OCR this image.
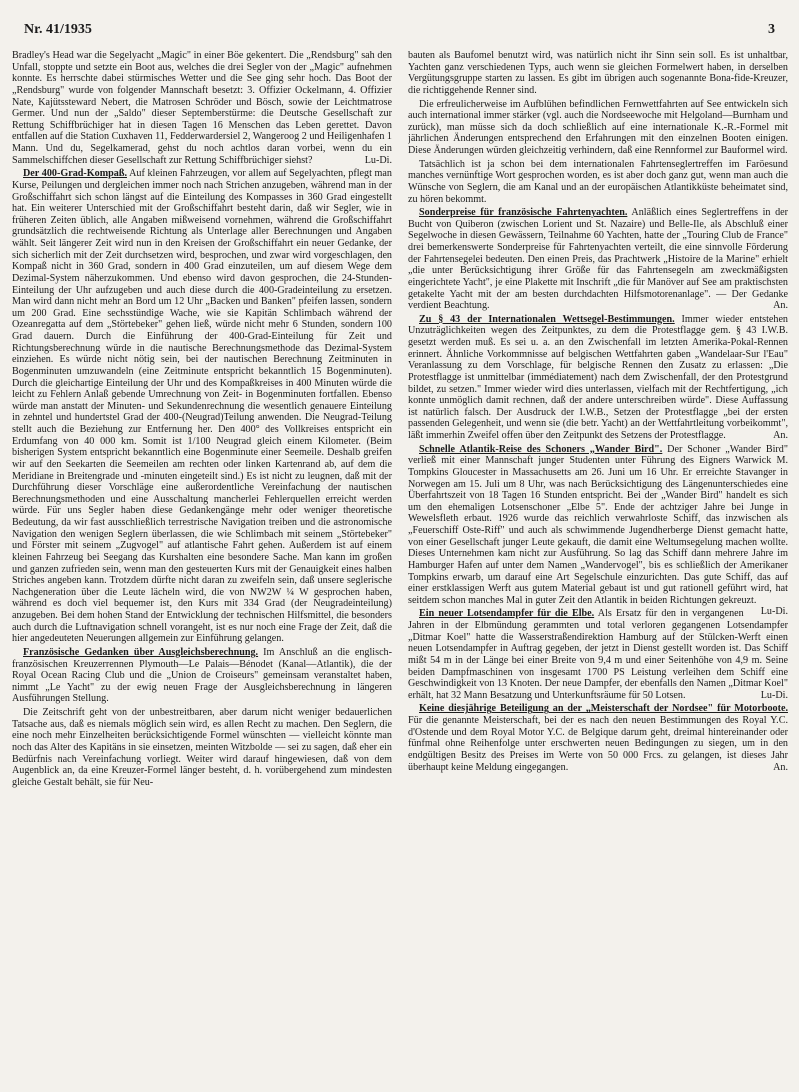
Nr. 41/1935	3

Bradley's Head war die Segelyacht „Magic" in einer Böe gekentert. Die „Rendsburg" sah den Unfall, stoppte und setzte ein Boot aus, welches die drei Segler von der „Magic" aufnehmen konnte. Es herrschte dabei stürmisches Wetter und die See ging sehr hoch. Das Boot der „Rendsburg" wurde von folgender Mannschaft besetzt: 3. Offizier Ockelmann, 4. Offizier Nate, Kajütssteward Nebert, die Matrosen Schröder und Bösch, sowie der Leichtmatrose Germer. Und nun der „Saldo" dieser Septemberstürme: die Deutsche Gesellschaft zur Rettung Schiffbrüchiger hat in diesen Tagen 16 Menschen das Leben gerettet. Davon entfallen auf die Station Cuxhaven 11, Fedderwardersiel 2, Wangeroog 2 und Heiligenhafen 1 Mann. Und du, Segelkamerad, gehst du noch achtlos daran vorbei, wenn du ein Sammelschiffchen dieser Gesellschaft zur Rettung Schiffbrüchiger siehst?	Lu-Di.

Der 400-Grad-Kompaß. Auf kleinen Fahrzeugen, vor allem auf Segelyachten, pflegt man Kurse, Peilungen und dergleichen immer noch nach Strichen anzugeben, während man in der Großschiffahrt sich schon längst auf die Einteilung des Kompasses in 360 Grad eingestellt hat. Ein weiterer Unterschied mit der Großschiffahrt besteht darin, daß wir Segler, wie in früheren Zeiten üblich, alle Angaben mißweisend vornehmen, während die Großschiffahrt grundsätzlich die rechtweisende Richtung als Unterlage aller Berechnungen und Angaben wählt. Seit längerer Zeit wird nun in den Kreisen der Großschiffahrt ein neuer Gedanke, der sich sicherlich mit der Zeit durchsetzen wird, besprochen, und zwar wird vorgeschlagen, den Kompaß nicht in 360 Grad, sondern in 400 Grad einzuteilen, um auf diesem Wege dem Dezimal-System näherzukommen. Und ebenso wird davon gesprochen, die 24-Stunden-Einteilung der Uhr aufzugeben und auch diese durch die 400-Gradeinteilung zu ersetzen. Man wird dann nicht mehr an Bord um 12 Uhr „Backen und Banken" pfeifen lassen, sondern um 200 Grad. Eine sechsstündige Wache, wie sie Kapitän Schlimbach während der Ozeanregatta auf dem „Störtebeker" gehen ließ, würde nicht mehr 6 Stunden, sondern 100 Grad dauern. Durch die Einführung der 400-Grad-Einteilung für Zeit und Richtungsberechnung würde in die nautische Berechnungsmethode das Dezimal-System einziehen. Es würde nicht nötig sein, bei der nautischen Berechnung Zeitminuten in Bogenminuten umzuwandeln (eine Zeitminute entspricht bekanntlich 15 Bogenminuten). Durch die gleichartige Einteilung der Uhr und des Kompaßkreises in 400 Minuten würde die leicht zu Fehlern Anlaß gebende Umrechnung von Zeit- in Bogenminuten fortfallen. Ebenso würde man anstatt der Minuten- und Sekundenrechnung die wesentlich genauere Einteilung in zehntel und hundertstel Grad der 400-(Neugrad)Teilung anwenden. Die Neugrad-Teilung stellt auch die Beziehung zur Entfernung her. Den 400° des Vollkreises entspricht ein Erdumfang von 40 000 km. Somit ist 1/100 Neugrad gleich einem Kilometer. (Beim bisherigen System entspricht bekanntlich eine Bogenminute einer Seemeile. Deshalb greifen wir auf den Seekarten die Seemeilen am rechten oder linken Kartenrand ab, auf dem die Meridiane in Breitengrade und -minuten eingeteilt sind.) Es ist nicht zu leugnen, daß mit der Durchführung dieser Vorschläge eine außerordentliche Vereinfachung der nautischen Berechnungsmethoden und eine Ausschaltung mancherlei Fehlerquellen erreicht werden würde. Für uns Segler haben diese Gedankengänge mehr oder weniger theoretische Bedeutung, da wir fast ausschließlich terrestrische Navigation treiben und die astronomische Navigation den wenigen Seglern überlassen, die wie Schlimbach mit seinem „Störtebeker" und Förster mit seinem „Zugvogel" auf atlantische Fahrt gehen. Außerdem ist auf einem kleinen Fahrzeug bei Seegang das Kurshalten eine besondere Sache. Man kann im großen und ganzen zufrieden sein, wenn man den gesteuerten Kurs mit der Genauigkeit eines halben Striches angeben kann. Trotzdem dürfte nicht daran zu zweifeln sein, daß unsere seglerische Nachgeneration über die Leute lächeln wird, die von NW2W ¼ W gesprochen haben, während es doch viel bequemer ist, den Kurs mit 334 Grad (der Neugradeinteilung) anzugeben. Bei dem hohen Stand der Entwicklung der technischen Hilfsmittel, die besonders auch durch die Luftnavigation schnell vorangeht, ist es nur noch eine Frage der Zeit, daß die hier angedeuteten Neuerungen allgemein zur Einführung gelangen.

Französische Gedanken über Ausgleichsberechnung. Im Anschluß an die englisch-französischen Kreuzerrennen Plymouth—Le Palais—Bénodet (Kanal—Atlantik), die der Royal Ocean Racing Club und die „Union de Croiseurs" gemeinsam veranstaltet haben, nimmt „Le Yacht" zu der ewig neuen Frage der Ausgleichsberechnung in längeren Ausführungen Stellung.

Die Zeitschrift geht von der unbestreitbaren, aber darum nicht weniger bedauerlichen Tatsache aus, daß es niemals möglich sein wird, es allen Recht zu machen. Den Seglern, die eine noch mehr Einzelheiten berücksichtigende Formel wünschten — vielleicht könnte man noch das Alter des Kapitäns in sie einsetzen, meinten Witzbolde — sei zu sagen, daß eher ein Bedürfnis nach Vereinfachung vorliegt. Weiter wird darauf hingewiesen, daß von dem Augenblick an, da eine Kreuzer-Formel länger besteht, d. h. vorübergehend zum mindesten gleiche Gestalt behält, sie für Neu-

bauten als Baufomel benutzt wird, was natürlich nicht ihr Sinn sein soll. Es ist unhaltbar, Yachten ganz verschiedenen Typs, auch wenn sie gleichen Formelwert haben, in derselben Vergütungsgruppe starten zu lassen. Es gibt im übrigen auch sogenannte Bona-fide-Kreuzer, die richtiggehende Renner sind.

Die erfreulicherweise im Aufblühen befindlichen Fernwettfahrten auf See entwickeln sich auch international immer stärker (vgl. auch die Nordseewoche mit Helgoland—Burnham und zurück), man müsse sich da doch schließlich auf eine internationale K.-R.-Formel mit jährlichen Änderungen entsprechend den Erfahrungen mit den einzelnen Booten einigen. Diese Änderungen würden gleichzeitig verhindern, daß eine Rennformel zur Bauformel wird.

Tatsächlich ist ja schon bei dem internationalen Fahrtenseglertreffen im Faröesund manches vernünftige Wort gesprochen worden, es ist aber doch ganz gut, wenn man auch die Wünsche von Seglern, die am Kanal und an der europäischen Atlantikküste beheimatet sind, zu hören bekommt.

Sonderpreise für französische Fahrtenyachten. Anläßlich eines Seglertreffens in der Bucht von Quiberon (zwischen Lorient und St. Nazaire) und Belle-Ile, als Abschluß einer Segelwoche in diesen Gewässern, Teilnahme 60 Yachten, hatte der „Touring Club de France" drei bemerkenswerte Sonderpreise für Fahrtenyachten verteilt, die eine sinnvolle Förderung der Fahrtensegelei bedeuten. Den einen Preis, das Prachtwerk „Histoire de la Marine" erhielt „die unter Berücksichtigung ihrer Größe für das Fahrtensegeln am zweckmäßigsten eingerichtete Yacht", je eine Plakette mit Inschrift „die für Manöver auf See am praktischsten getakelte Yacht mit der am besten durchdachten Hilfsmotorenanlage". — Der Gedanke verdient Beachtung.	An.

Zu § 43 der Internationalen Wettsegel-Bestimmungen. Immer wieder entstehen Unzuträglichkeiten wegen des Zeitpunktes, zu dem die Protestflagge gem. § 43 I.W.B. gesetzt werden muß. Es sei u. a. an den Zwischenfall im letzten Amerika-Pokal-Rennen erinnert. Ähnliche Vorkommnisse auf belgischen Wettfahrten gaben „Wandelaar-Sur l'Eau" Veranlassung zu dem Vorschlage, für belgische Rennen den Zusatz zu erlassen: „Die Protestflagge ist unmittelbar (immédiatement) nach dem Zwischenfall, der den Protestgrund bildet, zu setzen." Immer wieder wird dies unterlassen, vielfach mit der Rechtfertigung, „ich konnte unmöglich damit rechnen, daß der andere unterschreiben würde". Diese Auffassung ist natürlich falsch. Der Ausdruck der I.W.B., Setzen der Protestflagge „bei der ersten passenden Gelegenheit, und wenn sie (die betr. Yacht) an der Wettfahrtleitung vorbeikommt", läßt immerhin Zweifel offen über den Zeitpunkt des Setzens der Protestflagge.	An.

Schnelle Atlantik-Reise des Schoners „Wander Bird". Der Schoner „Wander Bird" verließ mit einer Mannschaft junger Studenten unter Führung des Eigners Warwick M. Tompkins Gloucester in Massachusetts am 26. Juni um 16 Uhr. Er erreichte Stavanger in Norwegen am 15. Juli um 8 Uhr, was nach Berücksichtigung des Längenunterschiedes eine Überfahrtszeit von 18 Tagen 16 Stunden entspricht. Bei der „Wander Bird" handelt es sich um den ehemaligen Lotsenschoner „Elbe 5". Ende der achtziger Jahre bei Junge in Wewelsfleth erbaut. 1926 wurde das reichlich verwahrloste Schiff, das inzwischen als „Feuerschiff Oste-Riff" und auch als schwimmende Jugendherberge Dienst gemacht hatte, von einer Gesellschaft junger Leute gekauft, die damit eine Weltumsegelung machen wollte. Dieses Unternehmen kam nicht zur Ausführung. So lag das Schiff dann mehrere Jahre im Hamburger Hafen auf unter dem Namen „Wandervogel", bis es schließlich der Amerikaner Tompkins erwarb, um darauf eine Art Segelschule einzurichten. Das gute Schiff, das auf einer erstklassigen Werft aus gutem Material gebaut ist und gut rationell geführt wird, hat seitdem schon manches Mal in guter Zeit den Atlantik in beiden Richtungen gekreuzt.
Lu-Di.

Ein neuer Lotsendampfer für die Elbe. Als Ersatz für den in vergangenen Jahren in der Elbmündung gerammten und total verloren gegangenen Lotsendampfer „Ditmar Koel" hatte die Wasserstraßendirektion Hamburg auf der Stülcken-Werft einen neuen Lotsendampfer in Auftrag gegeben, der jetzt in Dienst gestellt worden ist. Das Schiff mißt 54 m in der Länge bei einer Breite von 9,4 m und einer Seitenhöhe von 4,9 m. Seine beiden Dampfmaschinen von insgesamt 1700 PS Leistung verleihen dem Schiff eine Geschwindigkeit von 13 Knoten. Der neue Dampfer, der ebenfalls den Namen „Ditmar Koel" erhält, hat 32 Mann Besatzung und Unterkunftsräume für 50 Lotsen.	Lu-Di.

Keine diesjährige Beteiligung an der „Meisterschaft der Nordsee" für Motorboote. Für die genannte Meisterschaft, bei der es nach den neuen Bestimmungen des Royal Y.C. d'Ostende und dem Royal Motor Y.C. de Belgique darum geht, dreimal hintereinander oder fünfmal ohne Reihenfolge unter erschwerten neuen Bedingungen zu siegen, um in den endgültigen Besitz des Preises im Werte von 50 000 Frcs. zu gelangen, ist dieses Jahr überhaupt keine Meldung eingegangen.	An.
